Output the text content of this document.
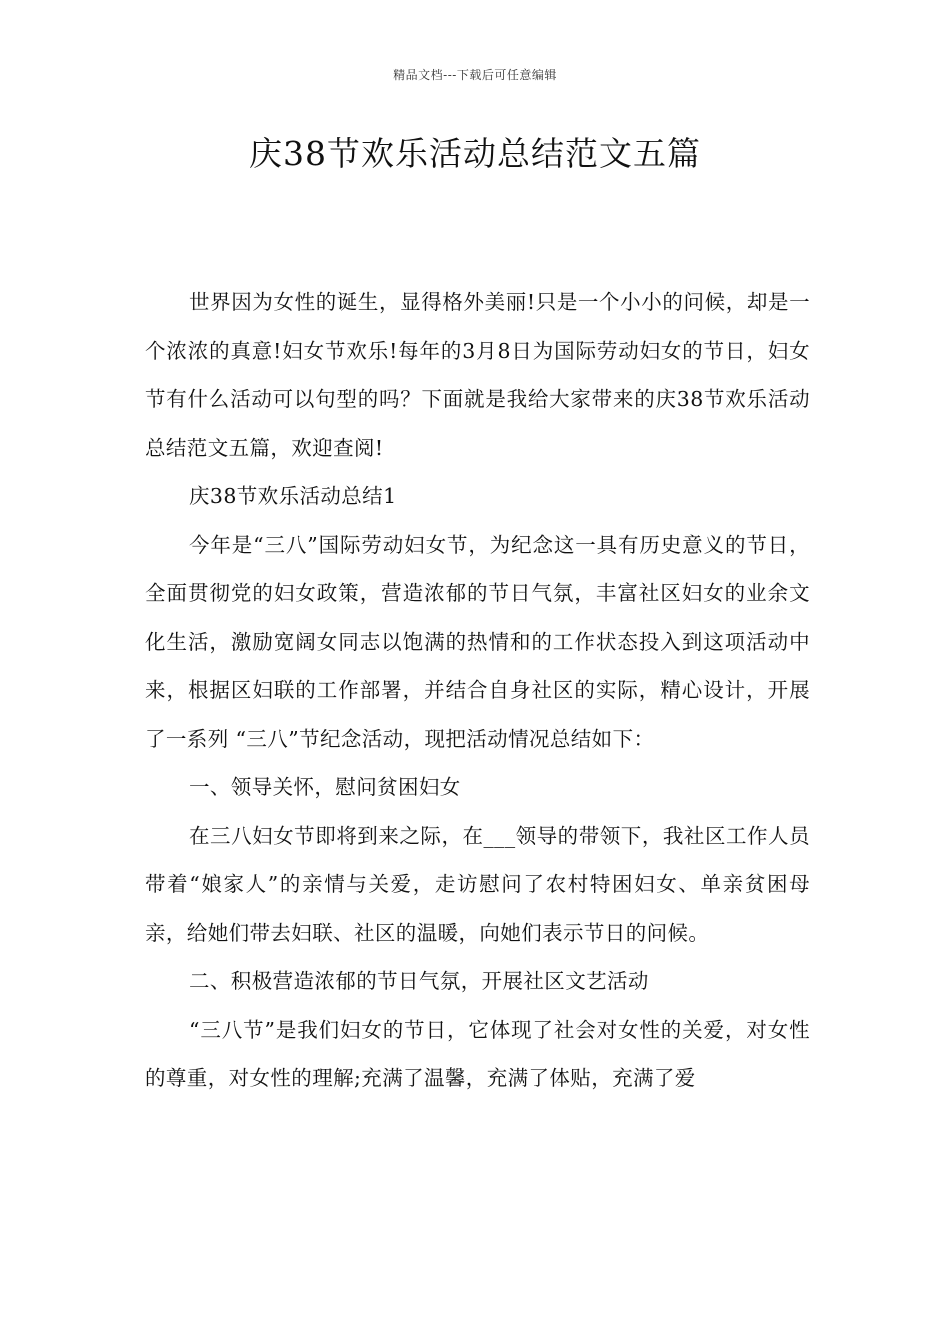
精品文档---下载后可任意编辑
庆38节欢乐活动总结范文五篇

世界因为女性的诞生，显得格外美丽!只是一个小小的问候，却是一个浓浓的真意!妇女节欢乐!每年的3月8日为国际劳动妇女的节日，妇女节有什么活动可以句型的吗？下面就是我给大家带来的庆38节欢乐活动总结范文五篇，欢迎查阅!

庆38节欢乐活动总结1

今年是“三八”国际劳动妇女节，为纪念这一具有历史意义的节日，全面贯彻党的妇女政策，营造浓郁的节日气氛，丰富社区妇女的业余文化生活，激励宽阔女同志以饱满的热情和的工作状态投入到这项活动中来，根据区妇联的工作部署，并结合自身社区的实际，精心设计，开展了一系列 “三八”节纪念活动，现把活动情况总结如下：

一、领导关怀，慰问贫困妇女

在三八妇女节即将到来之际，在___领导的带领下，我社区工作人员带着“娘家人”的亲情与关爱，走访慰问了农村特困妇女、单亲贫困母亲，给她们带去妇联、社区的温暖，向她们表示节日的问候。

二、积极营造浓郁的节日气氛，开展社区文艺活动

“三八节”是我们妇女的节日，它体现了社会对女性的关爱，对女性的尊重，对女性的理解;充满了温馨，充满了体贴，充满了爱
